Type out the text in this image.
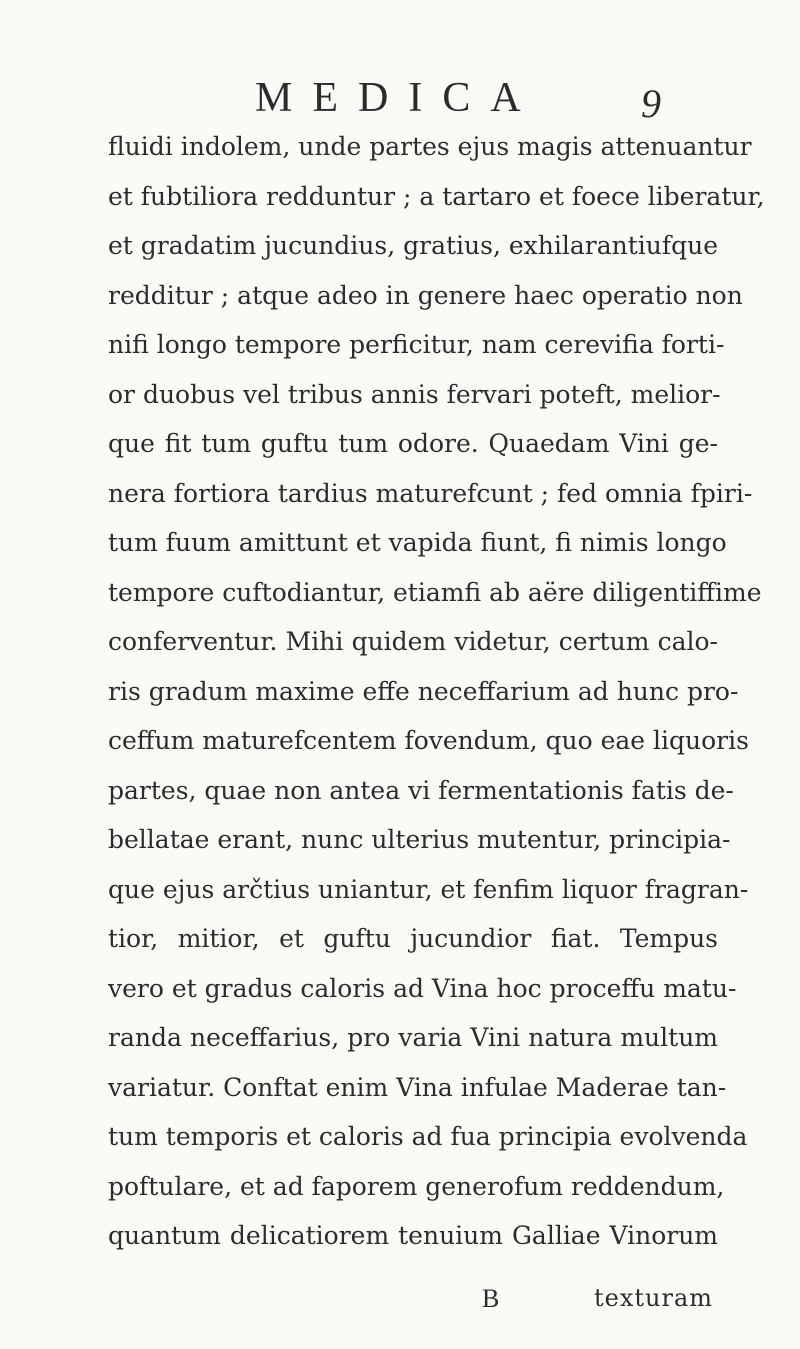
MEDICA	9
fluidi indolem, unde partes ejus magis attenuantur
et fubtiliora redduntur ; a tartaro et foece liberatur,
et gradatim jucundius, gratius, exhilarantiufque
redditur ; atque adeo in genere haec operatio non
nifi longo tempore perficitur, nam cerevifia forti-
or duobus vel tribus annis fervari poteft, melior-
que fit tum guftu tum odore. Quaedam Vini ge-
nera fortiora tardius maturefcunt ; fed omnia fpiri-
tum fuum amittunt et vapida fiunt, fi nimis longo
tempore cuftodiantur, etiamfi ab aëre diligentiffime
conferventur. Mihi quidem videtur, certum calo-
ris gradum maxime effe neceffarium ad hunc pro-
ceffum maturefcentem fovendum, quo eae liquoris
partes, quae non antea vi fermentationis fatis de-
bellatae erant, nunc ulterius mutentur, principia-
que ejus arčtius uniantur, et fenfim liquor fragran-
tior, mitior, et guftu jucundior fiat. Tempus
vero et gradus caloris ad Vina hoc proceffu matu-
randa neceffarius, pro varia Vini natura multum
variatur. Conftat enim Vina infulae Maderae tan-
tum temporis et caloris ad fua principia evolvenda
poftulare, et ad faporem generofum reddendum,
quantum delicatiorem tenuium Galliae Vinorum
B	texturam
